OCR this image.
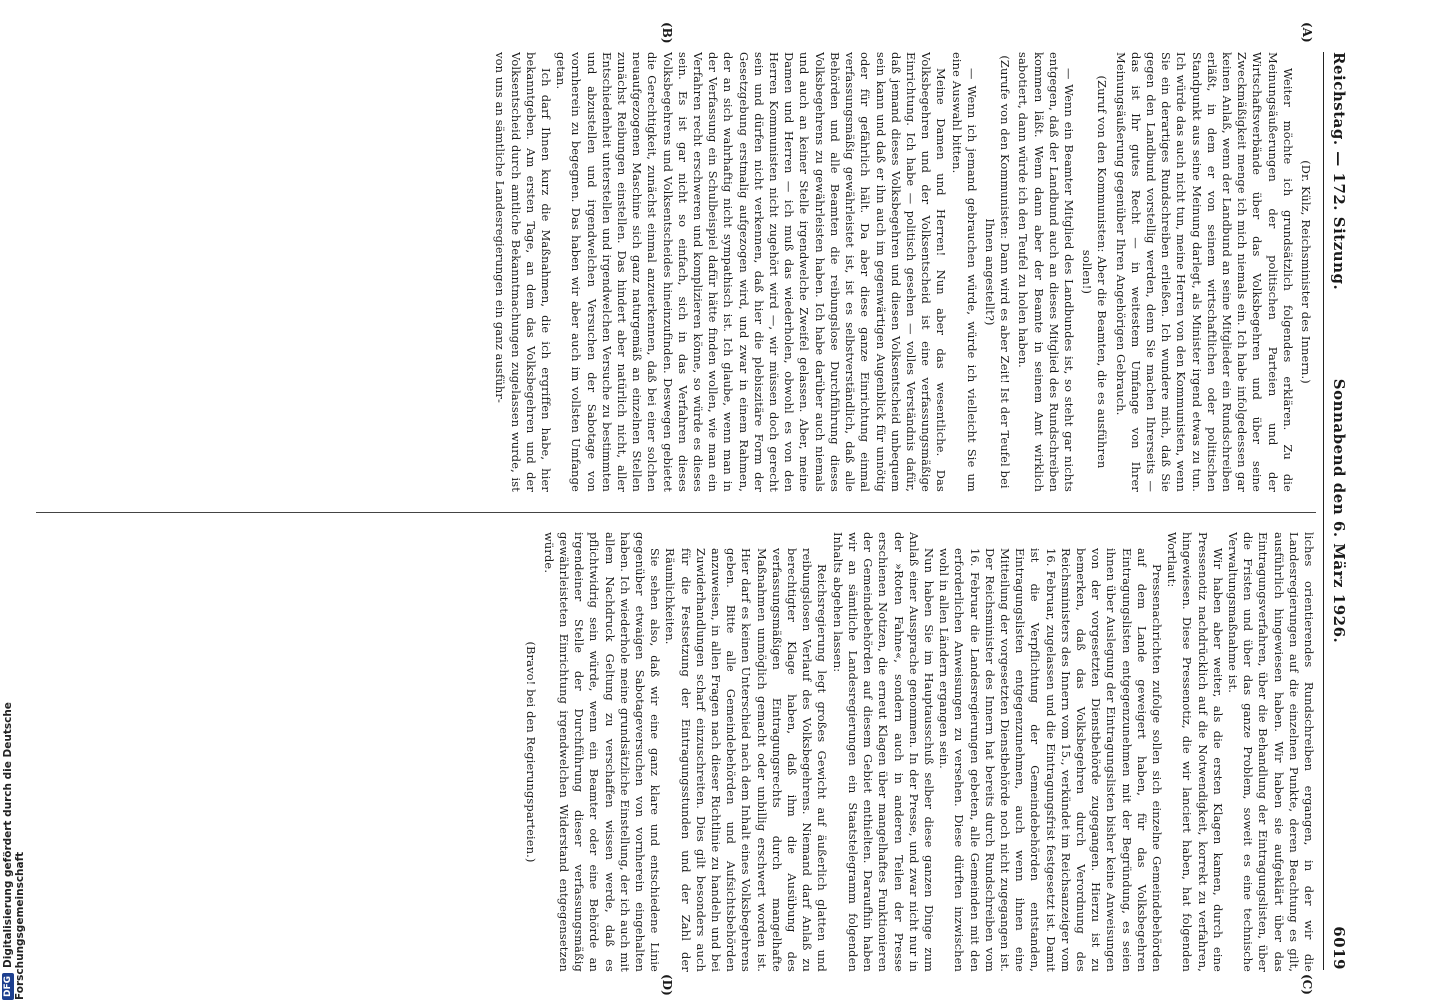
Reichstag. — 172. Sitzung.
Sonnabend den 6. März 1926.
6019
(A)
(B)
(C)
(D)

(Dr. Külz, Reichsminister des Innern.)

Weiter möchte ich grundsätzlich folgendes erklären. Zu die Meinungsäußerungen der politischen Parteien und der Wirtschaftsverbände über das Volksbegehren und über seine Zweckmäßigkeit menge ich mich niemals ein. Ich habe infolgedessen gar keinen Anlaß, wenn der Landbund an seine Mitglieder ein Rundschreiben erläßt, in dem er von seinem wirtschaftlichen oder politischen Standpunkt aus seine Meinung darlegt, als Minister irgend etwas zu tun. Ich würde das auch nicht tun, meine Herren von den Kommunisten, wenn Sie ein derartiges Rundschreiben erließen. Ich wundere mich, daß Sie gegen den Landbund vorstellig werden, denn Sie machen Ihrerseits — das ist Ihr gutes Recht — in weitestem Umfange von Ihrer Meinungsäußerung gegenüber Ihren Angehörigen Gebrauch.

(Zuruf von den Kommunisten: Aber die Beamten, die es ausführen sollen!)

— Wenn ein Beamter Mitglied des Landbundes ist, so steht gar nichts entgegen, daß der Landbund auch an dieses Mitglied des Rundschreiben kommen läßt. Wenn dann aber der Beamte in seinem Amt wirklich sabotiert, dann würde ich den Teufel zu holen haben.

(Zurufe von den Kommunisten: Dann wird es aber Zeit! Ist der Teufel bei Ihnen angestellt?)

— Wenn ich jemand gebrauchen würde, würde ich vielleicht Sie um eine Auswahl bitten.

Meine Damen und Herren! Nun aber das wesentliche. Das Volksbegehren und der Volksentscheid ist eine verfassungsmäßige Einrichtung. Ich habe — politisch gesehen — volles Verständnis dafür, daß jemand dieses Volksbegehren und diesen Volksentscheid unbequem sein kann und daß er ihn auch im gegenwärtigen Augenblick für unnötig oder für gefährlich hält. Da aber diese ganze Einrichtung einmal verfassungsmäßig gewährleistet ist, ist es selbstverständlich, daß alle Behörden und alle Beamten die reibungslose Durchführung dieses Volksbegehrens zu gewährleisten haben. Ich habe darüber auch niemals und auch an keiner Stelle irgendwelche Zweifel gelassen. Aber, meine Damen und Herren — ich muß das wiederholen, obwohl es von den Herren Kommunisten nicht zugehört wird —, wir müssen doch gerecht sein und dürfen nicht verkennen, daß hier die plebiszitäre Form der Gesetzgebung erstmalig aufgezogen wird, und zwar in einem Rahmen, der an sich wahrhaftig nicht sympathisch ist. Ich glaube, wenn man in der Verfassung ein Schulbeispiel dafür hätte finden wollen, wie man ein Verfahren recht erschweren und komplizieren könne, so würde es dieses sein. Es ist gar nicht so einfach, sich in das Verfahren dieses Volksbegehrens und Volksentscheides hineinzufinden. Deswegen gebietet die Gerechtigkeit, zunächst einmal anzuerkennen, daß bei einer solchen neuaufgezogenen Maschine sich ganz naturgemäß an einzelnen Stellen zunächst Reibungen einstellen. Das hindert aber natürlich nicht, aller Entschiedenheit unterstellen und irgendwelchen Versuche zu bestimmten und abzustellen und irgendwelchen Versuchen der Sabotage von vornherein zu begegnen. Das haben wir aber auch im vollsten Umfange getan.

Ich darf Ihnen kurz die Maßnahmen, die ich ergriffen habe, hier bekanntgeben. Am ersten Tage, an dem das Volksbegehren und der Volksentscheid durch amtliche Bekanntmachungen zugelassen wurde, ist von uns an sämtliche Landesregierungen ein ganz ausführ-

liches orientierendes Rundschreiben ergangen, in der wir die Landesregierungen auf die einzelnen Punkte, deren Beachtung es gilt, ausführlich hingewiesen haben. Wir haben sie aufgeklärt über das Eintragungsverfahren, über die Behandlung der Eintragungslisten, über die Fristen und über das ganze Problem, soweit es eine technische Verwaltungsmaßnahme ist.

Wir haben aber weiter, als die ersten Klagen kamen, durch eine Pressenotiz nachdrücklich auf die Notwendigkeit, korrekt zu verfahren, hingewiesen. Diese Pressenotiz, die wir lanciert haben, hat folgenden Wortlaut:

Pressenachrichten zufolge sollen sich einzelne Gemeindebehörden auf dem Lande geweigert haben, für das Volksbegehren Eintragungslisten entgegenzunehmen mit der Begründung, es seien ihnen über Auslegung der Eintragungslisten bisher keine Anweisungen von der vorgesetzten Dienstbehörde zugegangen. Hierzu ist zu bemerken, daß das Volksbegehren durch Verordnung des Reichsministers des Innern vom 15., verkündet im Reichsanzeiger vom 16. Februar, zugelassen und die Eintragungsfrist festgesetzt ist. Damit ist die Verpflichtung der Gemeindebehörden entstanden, Eintragungslisten entgegenzunehmen, auch wenn ihnen eine Mitteilung der vorgesetzten Dienstbehörde noch nicht zugegangen ist. Der Reichsminister des Innern hat bereits durch Rundschreiben vom 16. Februar die Landesregierungen gebeten, alle Gemeinden mit den erforderlichen Anweisungen zu versehen. Diese dürften inzwischen wohl in allen Ländern ergangen sein.

Nun haben Sie im Hauptausschuß selber diese ganzen Dinge zum Anlaß einer Aussprache genommen. In der Presse, und zwar nicht nur in der »Roten Fahne«, sondern auch in anderen Teilen der Presse erschienen Notizen, die erneut Klagen über mangelhaftes Funktionieren der Gemeindebehörden auf diesem Gebiet enthielten. Daraufhin haben wir an sämtliche Landesregierungen ein Staatstelegramm folgenden Inhalts abgehen lassen:

Reichsregierung legt großes Gewicht auf äußerlich glatten und reibungslosen Verlauf des Volksbegehrens. Niemand darf Anlaß zu berechtigter Klage haben, daß ihm die Ausübung des verfassungsmäßigen Eintragungsrechts durch mangelhafte Maßnahmen unmöglich gemacht oder unbillig erschwert worden ist. Hier darf es keinen Unterschied nach dem Inhalt eines Volksbegehrens geben. Bitte alle Gemeindebehörden und Aufsichtsbehörden anzuweisen, in allen Fragen nach dieser Richtlinie zu handeln und bei Zuwiderhandlungen scharf einzuschreiten. Dies gilt besonders auch für die Festsetzung der Eintragungsstunden und der Zahl der Räumlichkeiten.

Sie sehen also, daß wir eine ganz klare und entschiedene Linie gegenüber etwaigen Sabotageversuchen von vornherein eingehalten haben. Ich wiederhole meine grundsätzliche Einstellung, der ich auch mit allem Nachdruck Geltung zu verschaffen wissen werde, daß es pflichtwidrig sein würde, wenn ein Beamter oder eine Behörde an irgendeiner Stelle der Durchführung dieser verfassungsmäßig gewährleisteten Einrichtung irgendwelchen Widerstand entgegensetzen würde.

(Bravo! bei den Regierungsparteien.)

DFGDigitalisierung gefördert durch die Deutsche Forschungsgemeinschaft
